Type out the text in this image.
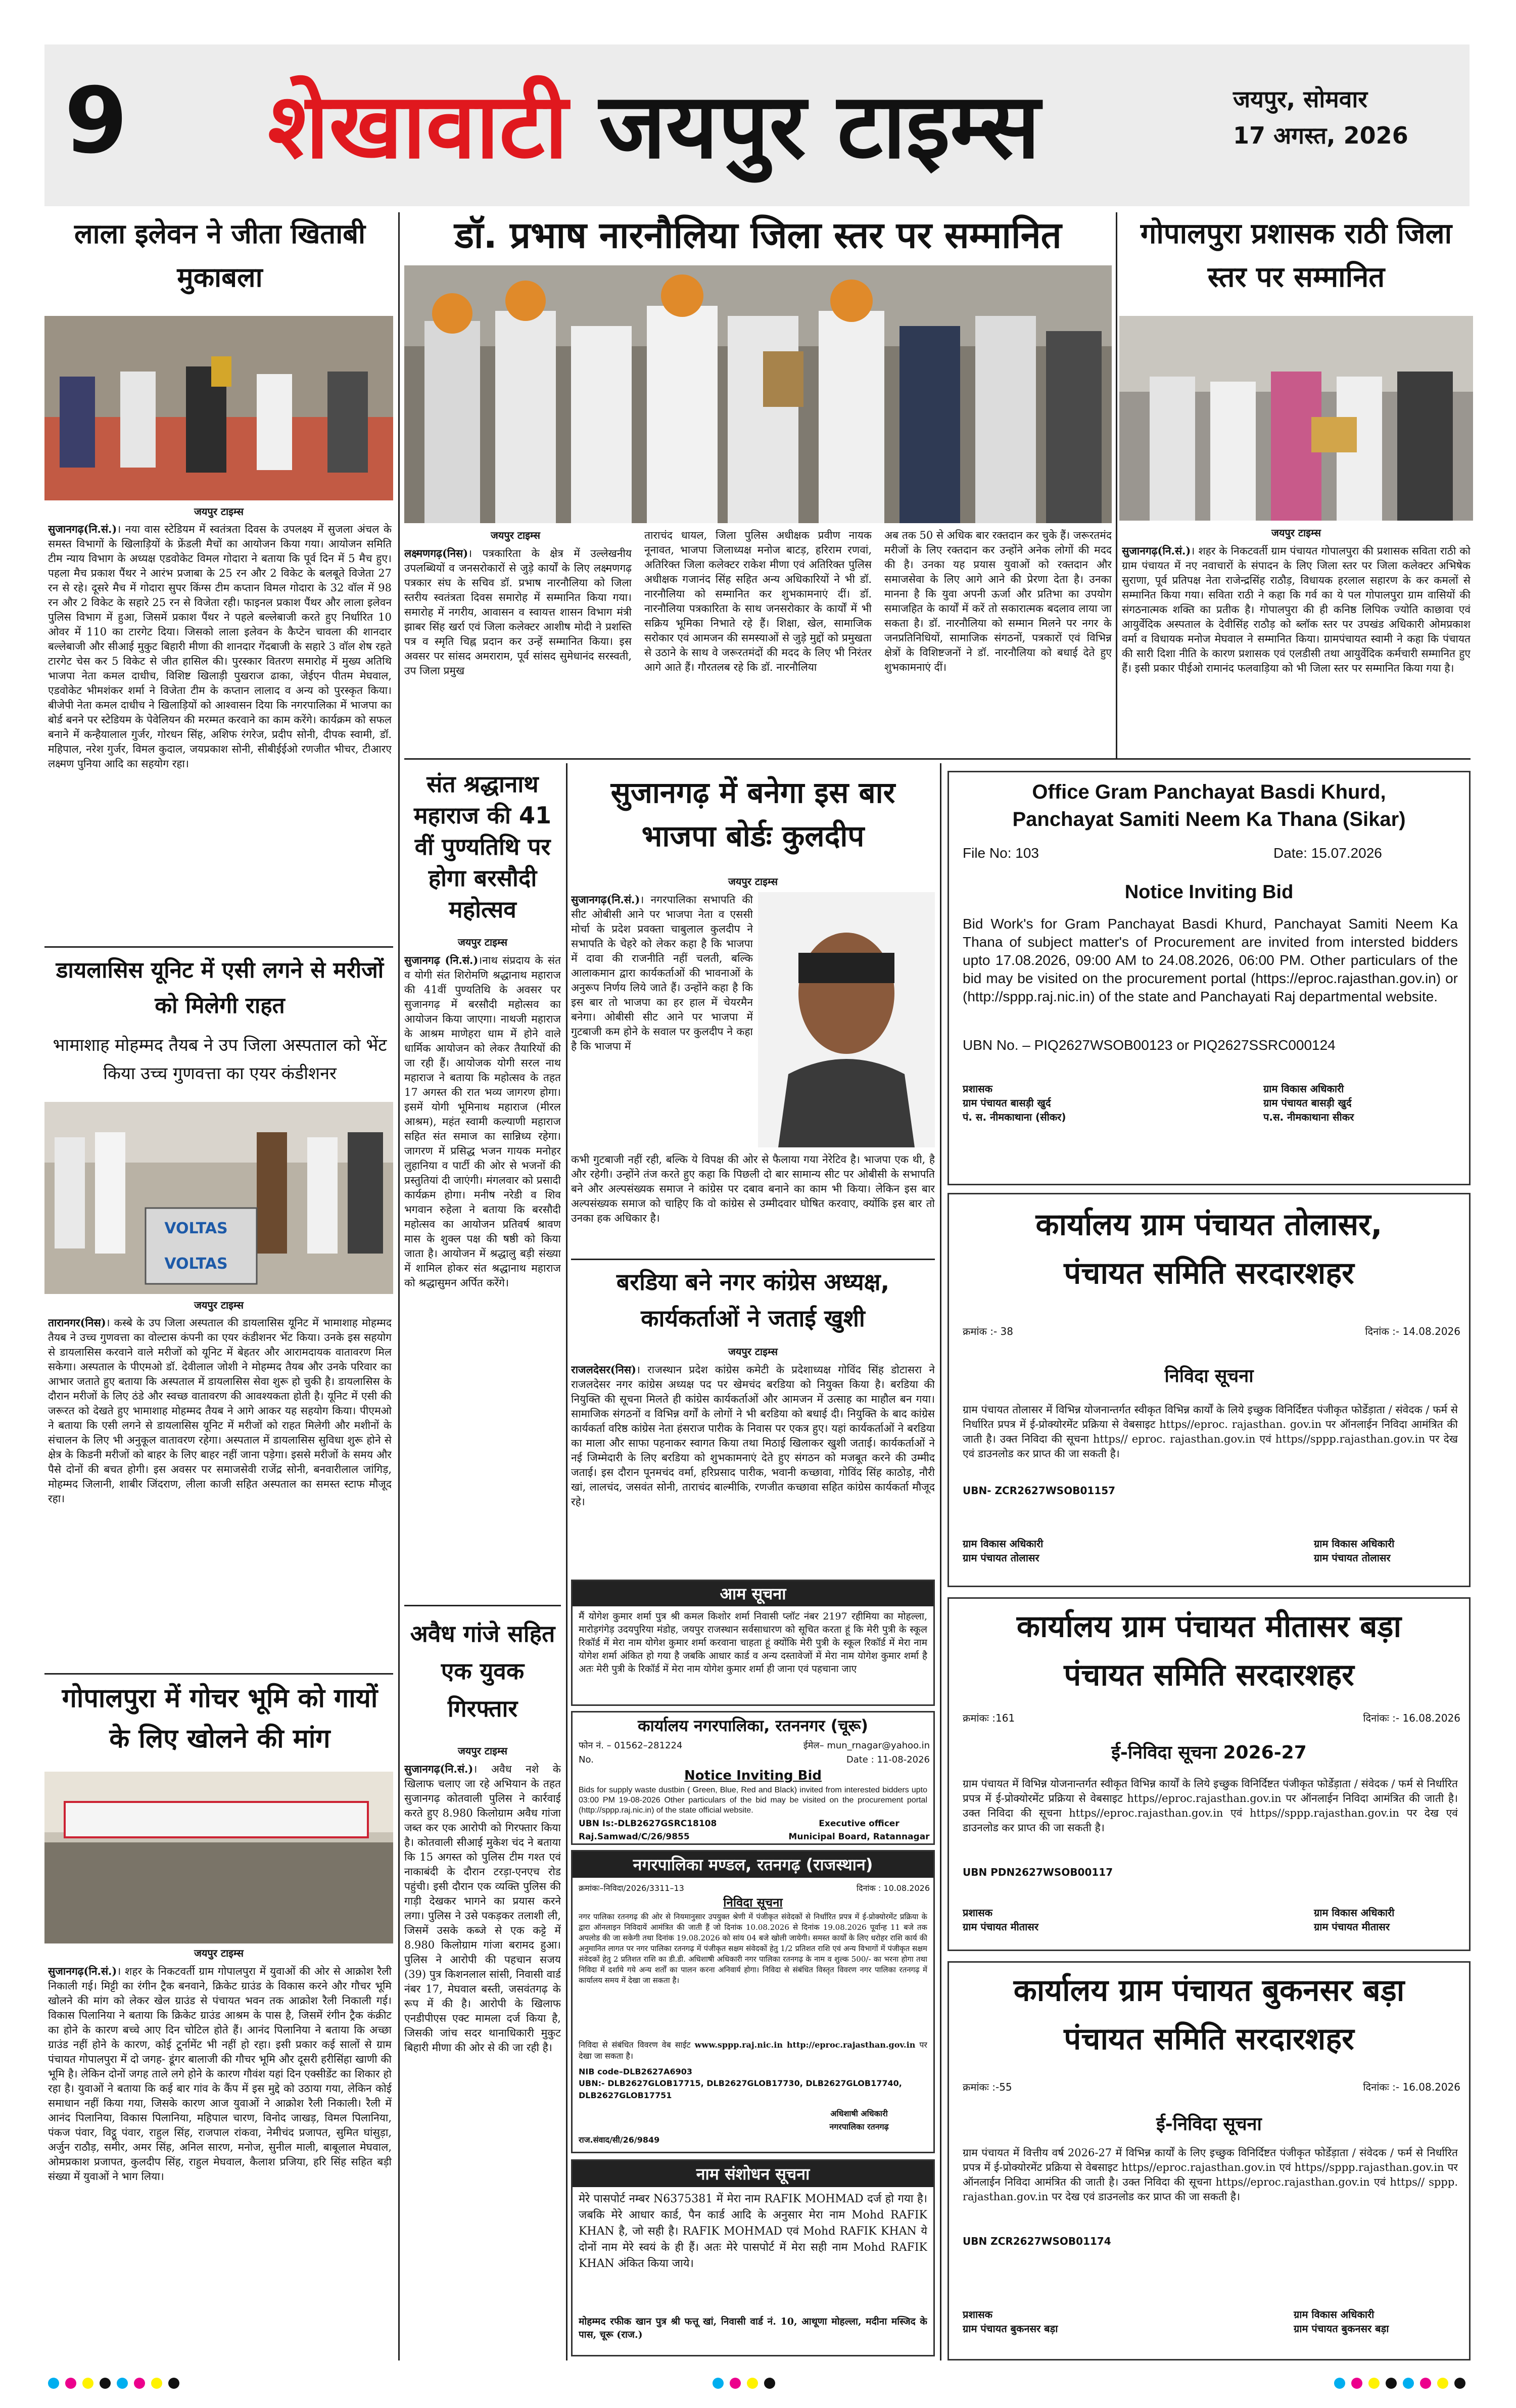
9 शेखावाटी जयपुर टाइम्स	जयपुर, सोमवार
17 अगस्त, 2026
लाला इलेवन ने जीता खिताबी मुकाबला
जयपुर टाइम्स
सुजानगढ़(नि.सं.)। नया वास स्टेडियम में स्वतंत्रता दिवस के उपलक्ष्य में सुजला अंचल के समस्त विभागों के खिलाड़ियों के फ्रेंडली मैचों का आयोजन किया गया। आयोजन समिति टीम न्याय विभाग के अध्यक्ष एडवोकेट विमल गोदारा ने बताया कि पूर्व दिन में 5 मैच हुए। पहला मैच प्रकाश पैंथर ने आरंभ प्रजाबा के 25 रन और 2 विकेट के बलबूते विजेता 27 रन से रहे। दूसरे मैच में गोदारा सुपर किंग्स टीम कप्तान विमल गोदारा के 32 वॉल में 98 रन और 2 विकेट के सहारे 25 रन से विजेता रही। फाइनल प्रकाश पैंथर और लाला इलेवन पुलिस विभाग में हुआ, जिसमें प्रकाश पैंथर ने पहले बल्लेबाजी करते हुए निर्धारित 10 ओवर में 110 का टारगेट दिया। जिसको लाला इलेवन के कैप्टेन चावला की शानदार बल्लेबाजी और सीआई मुकुट बिहारी मीणा की शानदार गेंदबाजी के सहारे 3 वॉल शेष रहते टारगेट चेस कर 5 विकेट से जीत हासिल की। पुरस्कार वितरण समारोह में मुख्य अतिथि भाजपा नेता कमल दाधीच, विशिष्ट खिलाड़ी पुखराज ढाका, जेईएन पीतम मेघवाल, एडवोकेट भीमशंकर शर्मा ने विजेता टीम के कप्तान लालाद व अन्य को पुरस्कृत किया। बीजेपी नेता कमल दाधीच ने खिलाड़ियों को आश्वासन दिया कि नगरपालिका में भाजपा का बोर्ड बनने पर स्टेडियम के पेवेलियन की मरम्मत करवाने का काम करेंगे। कार्यक्रम को सफल बनाने में कन्हैयालाल गुर्जर, गोरधन सिंह, अशिफ रंगरेज, प्रदीप सोनी, दीपक स्वामी, डॉ. महिपाल, नरेश गुर्जर, विमल कुदाल, जयप्रकाश सोनी, सीबीईईओ रणजीत भीचर, टीआरए लक्ष्मण पुनिया आदि का सहयोग रहा।
डायलासिस यूनिट में एसी लगने से मरीजों को मिलेगी राहत
भामाशाह मोहम्मद तैयब ने उप जिला अस्पताल को भेंट किया उच्च गुणवत्ता का एयर कंडीशनर
VOLTAS
VOLTAS
जयपुर टाइम्स
तारानगर(निस)। कस्बे के उप जिला अस्पताल की डायलासिस यूनिट में भामाशाह मोहम्मद तैयब ने उच्च गुणवत्ता का वोल्टास कंपनी का एयर कंडीशनर भेंट किया। उनके इस सहयोग से डायलासिस करवाने वाले मरीजों को यूनिट में बेहतर और आरामदायक वातावरण मिल सकेगा। अस्पताल के पीएमओ डॉ. देवीलाल जोशी ने मोहम्मद तैयब और उनके परिवार का आभार जताते हुए बताया कि अस्पताल में डायलासिस सेवा शुरू हो चुकी है। डायलासिस के दौरान मरीजों के लिए ठंडे और स्वच्छ वातावरण की आवश्यकता होती है। यूनिट में एसी की जरूरत को देखते हुए भामाशाह मोहम्मद तैयब ने आगे आकर यह सहयोग किया। पीएमओ ने बताया कि एसी लगने से डायलासिस यूनिट में मरीजों को राहत मिलेगी और मशीनों के संचालन के लिए भी अनुकूल वातावरण रहेगा। अस्पताल में डायलासिस सुविधा शुरू होने से क्षेत्र के किडनी मरीजों को बाहर के लिए बाहर नहीं जाना पड़ेगा। इससे मरीजों के समय और पैसे दोनों की बचत होगी। इस अवसर पर समाजसेवी राजेंद्र सोनी, बनवारीलाल जांगिड़, मोहम्मद जिलानी, शाबीर जिंदराण, लीला काजी सहित अस्पताल का समस्त स्टाफ मौजूद रहा।
गोपालपुरा में गोचर भूमि को गायों के लिए खोलने की मांग
जयपुर टाइम्स
सुजानगढ़(नि.सं.)। शहर के निकटवर्ती ग्राम गोपालपुरा में युवाओं की ओर से आक्रोश रैली निकाली गई। मिट्टी का रंगीन ट्रैक बनवाने, क्रिकेट ग्राउंड के विकास करने और गौचर भूमि खोलने की मांग को लेकर खेल ग्राउंड से पंचायत भवन तक आक्रोश रैली निकाली गई। विकास पिलानिया ने बताया कि क्रिकेट ग्राउंड आश्रम के पास है, जिसमें रंगीन ट्रैक कंक्रीट का होने के कारण बच्चे आए दिन चोटिल होते हैं। आनंद पिलानिया ने बताया कि अच्छा ग्राउंड नहीं होने के कारण, कोई टूर्नामेंट भी नहीं हो रहा। इसी प्रकार कई सालों से ग्राम पंचायत गोपालपुरा में दो जगह- डूंगर बालाजी की गौचर भूमि और दूसरी हरीसिंहा खाणी की भूमि है। लेकिन दोनों जगह ताले लगे होने के कारण गौवंश यहां दिन एक्सीडेंट का शिकार हो रहा है। युवाओं ने बताया कि कई बार गांव के कैंप में इस मुद्दे को उठाया गया, लेकिन कोई समाधान नहीं किया गया, जिसके कारण आज युवाओं ने आक्रोश रैली निकाली। रैली में आनंद पिलानिया, विकास पिलानिया, महिपाल चारण, विनोद जाखड़, विमल पिलानिया, पंकज पंवार, विट्ठू पंवार, राहुल सिंह, राजपाल रांकवा, नेमीचंद प्रजापत, सुमित घांसुड़ा, अर्जुन राठौड़, समीर, अमर सिंह, अनिल सारण, मनोज, सुनील माली, बाबूलाल मेघवाल, ओमप्रकाश प्रजापत, कुलदीप सिंह, राहुल मेघवाल, कैलाश प्रजिया, हरि सिंह सहित बड़ी संख्या में युवाओं ने भाग लिया।
डॉ. प्रभाष नारनौलिया जिला स्तर पर सम्मानित
जयपुर टाइम्स
लक्ष्मणगढ़(निस)। पत्रकारिता के क्षेत्र में उल्लेखनीय उपलब्धियों व जनसरोकारों से जुड़े कार्यों के लिए लक्ष्मणगढ़ पत्रकार संघ के सचिव डॉ. प्रभाष नारनौलिया को जिला स्तरीय स्वतंत्रता दिवस समारोह में सम्मानित किया गया। समारोह में नगरीय, आवासन व स्वायत्त शासन विभाग मंत्री झाबर सिंह खर्रा एवं जिला कलेक्टर आशीष मोदी ने प्रशस्ति पत्र व स्मृति चिह्न प्रदान कर उन्हें सम्मानित किया। इस अवसर पर सांसद अमराराम, पूर्व सांसद सुमेधानंद सरस्वती, उप जिला प्रमुख
ताराचंद धायल, जिला पुलिस अधीक्षक प्रवीण नायक नूनावत, भाजपा जिलाध्यक्ष मनोज बाटड़, हरिराम रणवां, अतिरिक्त जिला कलेक्टर राकेश मीणा एवं अतिरिक्त पुलिस अधीक्षक गजानंद सिंह सहित अन्य अधिकारियों ने भी डॉ. नारनौलिया को सम्मानित कर शुभकामनाएं दीं। डॉ. नारनौलिया पत्रकारिता के साथ जनसरोकार के कार्यों में भी सक्रिय भूमिका निभाते रहे हैं। शिक्षा, खेल, सामाजिक सरोकार एवं आमजन की समस्याओं से जुड़े मुद्दों को प्रमुखता से उठाने के साथ वे जरूरतमंदों की मदद के लिए भी निरंतर आगे आते हैं। गौरतलब रहे कि डॉ. नारनौलिया
अब तक 50 से अधिक बार रक्तदान कर चुके हैं। जरूरतमंद मरीजों के लिए रक्तदान कर उन्होंने अनेक लोगों की मदद की है। उनका यह प्रयास युवाओं को रक्तदान और समाजसेवा के लिए आगे आने की प्रेरणा देता है। उनका मानना है कि युवा अपनी ऊर्जा और प्रतिभा का उपयोग समाजहित के कार्यों में करें तो सकारात्मक बदलाव लाया जा सकता है। डॉ. नारनौलिया को सम्मान मिलने पर नगर के जनप्रतिनिधियों, सामाजिक संगठनों, पत्रकारों एवं विभिन्न क्षेत्रों के विशिष्टजनों ने डॉ. नारनौलिया को बधाई देते हुए शुभकामनाएं दीं।
गोपालपुरा प्रशासक राठी जिला स्तर पर सम्मानित
जयपुर टाइम्स
सुजानगढ़(नि.सं.)। शहर के निकटवर्ती ग्राम पंचायत गोपालपुरा की प्रशासक सविता राठी को ग्राम पंचायत में नए नवाचारों के संपादन के लिए जिला स्तर पर जिला कलेक्टर अभिषेक सुराणा, पूर्व प्रतिपक्ष नेता राजेन्द्रसिंह राठौड़, विधायक हरलाल सहारण के कर कमलों से सम्मानित किया गया। सविता राठी ने कहा कि गर्व का ये पल गोपालपुरा ग्राम वासियों की संगठनात्मक शक्ति का प्रतीक है। गोपालपुरा की ही कनिष्ठ लिपिक ज्योति काछावा एवं आयुर्वेदिक अस्पताल के देवीसिंह राठौड़ को ब्लॉक स्तर पर उपखंड अधिकारी ओमप्रकाश वर्मा व विधायक मनोज मेघवाल ने सम्मानित किया। ग्रामपंचायत स्वामी ने कहा कि पंचायत की सारी दिशा नीति के कारण प्रशासक एवं एलडीसी तथा आयुर्वेदिक कर्मचारी सम्मानित हुए हैं। इसी प्रकार पीईओ रामानंद फलवाड़िया को भी जिला स्तर पर सम्मानित किया गया है।
संत श्रद्धानाथ महाराज की 41 वीं पुण्यतिथि पर होगा बरसौदी महोत्सव
जयपुर टाइम्स
सुजानगढ़ (नि.सं.)।नाथ संप्रदाय के संत व योगी संत शिरोमणि श्रद्धानाथ महाराज की 41वीं पुण्यतिथि के अवसर पर सुजानगढ़ में बरसौदी महोत्सव का आयोजन किया जाएगा। नाथजी महाराज के आश्रम माणेहरा धाम में होने वाले धार्मिक आयोजन को लेकर तैयारियों की जा रही हैं। आयोजक योगी सरल नाथ महाराज ने बताया कि महोत्सव के तहत 17 अगस्त की रात भव्य जागरण होगा। इसमें योगी भूमिनाथ महाराज (मीरल आश्रम), महंत स्वामी कल्याणी महाराज सहित संत समाज का सान्निध्य रहेगा। जागरण में प्रसिद्ध भजन गायक मनोहर लुहानिया व पार्टी की ओर से भजनों की प्रस्तुतियां दी जाएंगी। मंगलवार को प्रसादी कार्यक्रम होगा। मनीष नरेडी व शिव भगवान रुहेला ने बताया कि बरसौदी महोत्सव का आयोजन प्रतिवर्ष श्रावण मास के शुक्ल पक्ष की षष्ठी को किया जाता है। आयोजन में श्रद्धालु बड़ी संख्या में शामिल होकर संत श्रद्धानाथ महाराज को श्रद्धासुमन अर्पित करेंगे।
अवैध गांजे सहित एक युवक गिरफ्तार
जयपुर टाइम्स
सुजानगढ़(नि.सं.)। अवैध नशे के खिलाफ चलाए जा रहे अभियान के तहत सुजानगढ़ कोतवाली पुलिस ने कार्रवाई करते हुए 8.980 किलोग्राम अवैध गांजा जब्त कर एक आरोपी को गिरफ्तार किया है। कोतवाली सीआई मुकेश चंद ने बताया कि 15 अगस्त को पुलिस टीम गश्त एवं नाकाबंदी के दौरान टरड़ा-एनएच रोड पहुंची। इसी दौरान एक व्यक्ति पुलिस की गाड़ी देखकर भागने का प्रयास करने लगा। पुलिस ने उसे पकड़कर तलाशी ली, जिसमें उसके कब्जे से एक कट्टे में 8.980 किलोग्राम गांजा बरामद हुआ। पुलिस ने आरोपी की पहचान सजय (39) पुत्र किशनलाल सांसी, निवासी वार्ड नंबर 17, मेघवाल बस्ती, जसवंतगढ़ के रूप में की है। आरोपी के खिलाफ एनडीपीएस एक्ट मामला दर्ज किया है, जिसकी जांच सदर थानाधिकारी मुकुट बिहारी मीणा की ओर से की जा रही है।
सुजानगढ़ में बनेगा इस बार भाजपा बोर्डः कुलदीप
जयपुर टाइम्स
सुजानगढ़(नि.सं.)। नगरपालिका सभापति की सीट ओबीसी आने पर भाजपा नेता व एससी मोर्चा के प्रदेश प्रवक्ता चाबुलाल कुलदीप ने सभापति के चेहरे को लेकर कहा है कि भाजपा में दावा की राजनीति नहीं चलती, बल्कि आलाकमान द्वारा कार्यकर्ताओं की भावनाओं के अनुरूप निर्णय लिये जाते हैं। उन्होंने कहा है कि इस बार तो भाजपा का हर हाल में चेयरमैन बनेगा। ओबीसी सीट आने पर भाजपा में गुटबाजी कम होने के सवाल पर कुलदीप ने कहा है कि भाजपा में
कभी गुटबाजी नहीं रही, बल्कि ये विपक्ष की ओर से फैलाया गया नेरेटिव है। भाजपा एक थी, है और रहेगी। उन्होंने तंज करते हुए कहा कि पिछली दो बार सामान्य सीट पर ओबीसी के सभापति बने और अल्पसंख्यक समाज ने कांग्रेस पर दबाव बनाने का काम भी किया। लेकिन इस बार अल्पसंख्यक समाज को चाहिए कि वो कांग्रेस से उम्मीदवार घोषित करवाए, क्योंकि इस बार तो उनका हक अधिकार है।
बरडिया बने नगर कांग्रेस अध्यक्ष, कार्यकर्ताओं ने जताई खुशी
जयपुर टाइम्स
राजलदेसर(निस)। राजस्थान प्रदेश कांग्रेस कमेटी के प्रदेशाध्यक्ष गोविंद सिंह डोटासरा ने राजलदेसर नगर कांग्रेस अध्यक्ष पद पर खेमचंद बरडिया को नियुक्त किया है। बरडिया की नियुक्ति की सूचना मिलते ही कांग्रेस कार्यकर्ताओं और आमजन में उत्साह का माहौल बन गया। सामाजिक संगठनों व विभिन्न वर्गों के लोगों ने भी बरडिया को बधाई दी। नियुक्ति के बाद कांग्रेस कार्यकर्ता वरिष्ठ कांग्रेस नेता हंसराज पारीक के निवास पर एकत्र हुए। यहां कार्यकर्ताओं ने बरडिया का माला और साफा पहनाकर स्वागत किया तथा मिठाई खिलाकर खुशी जताई। कार्यकर्ताओं ने नई जिम्मेदारी के लिए बरडिया को शुभकामनाएं देते हुए संगठन को मजबूत करने की उम्मीद जताई। इस दौरान पूनमचंद वर्मा, हरिप्रसाद पारीक, भवानी कच्छावा, गोविंद सिंह काठोड़, नौरी खां, लालचंद, जसवंत सोनी, ताराचंद बाल्मीकि, रणजीत कच्छावा सहित कांग्रेस कार्यकर्ता मौजूद रहे।
आम सूचना
मैं योगेश कुमार शर्मा पुत्र श्री कमल किशोर शर्मा निवासी प्लॉट नंबर 2197 रहीमिया का मोहल्ला, मारोड़गंगेड़ उदयपुरिया मंडोह, जयपुर राजस्थान सर्वसाधारण को सूचित करता हूं कि मेरी पुत्री के स्कूल रिकॉर्ड में मेरा नाम योगेश कुमार शर्मा करवाना चाहता हूं क्योंकि मेरी पुत्री के स्कूल रिकॉर्ड में मेरा नाम योगेश शर्मा अंकित हो गया है जबकि आधार कार्ड व अन्य दस्तावेजों में मेरा नाम योगेश कुमार शर्मा है अतः मेरी पुत्री के रिकॉर्ड में मेरा नाम योगेश कुमार शर्मा ही जाना एवं पहचाना जाए
कार्यालय नगरपालिका, रतननगर (चूरू)
फोन नं. – 01562–281224	ईमेल– mun_rnagar@yahoo.in
No.	Date : 11-08-2026
Notice Inviting Bid
Bids for supply waste dustbin ( Green, Blue, Red and Black) invited from interested bidders upto 03:00 PM 19-08-2026 Other particulars of the bid may be visited on the procurement portal (http://sppp.raj.nic.in) of the state official website.
UBN Is:-DLB2627GSRC18108
Raj.Samwad/C/26/9855
Executive officer
Municipal Board, Ratannagar
नगरपालिका मण्डल, रतनगढ़ (राजस्थान)
क्रमांकः–निविदा/2026/3311–13	दिनांक : 10.08.2026
निविदा सूचना
नगर पालिका रतनगढ़ की ओर से नियमानुसार उपयुक्त श्रेणी में पंजीकृत संवेदकों से निर्धारित प्रपत्र में ई-प्रोक्योरमेंट प्रक्रिया के द्वारा ऑनलाइन निविदायें आमंत्रित की जाती हैं जो दिनांक 10.08.2026 से दिनांक 19.08.2026 पूर्वान्ह 11 बजे तक अपलोड की जा सकेगी तथा दिनांक 19.08.2026 को सांय 04 बजे खोली जायेगी। समस्त कार्यों के लिए धरोहर राशि कार्य की अनुमानित लागत पर नगर पालिका रतनगढ़ में पंजीकृत सक्षम संवेदकों हेतु 1/2 प्रतिशत राशि एवं अन्य विभागों में पंजीकृत सक्षम संवेदकों हेतु 2 प्रतिशत राशि का डी.डी. अधिशाषी अधिकारी नगर पालिका रतनगढ़ के नाम व शुल्क 500/- का भरना होगा तथा निविदा में दर्शाये गये अन्य शर्तों का पालन करना अनिवार्य होगा। निविदा से संबंधित विस्तृत विवरण नगर पालिका रतनगढ़ में कार्यालय समय में देखा जा सकता है।
निविदा से संबंधित विवरण वेब साईट www.sppp.raj.nic.in http://eproc.rajasthan.gov.in पर देखा जा सकता है।
NIB code–DLB2627A6903
UBN:- DLB2627GLOB17715, DLB2627GLOB17730, DLB2627GLOB17740, DLB2627GLOB17751
अधिशाषी अधिकारी
नगरपालिका रतनगढ़
राज.संवाद/सी/26/9849
नाम संशोधन सूचना
मेरे पासपोर्ट नम्बर N6375381 में मेरा नाम RAFIK MOHMAD दर्ज हो गया है। जबकि मेरे आधार कार्ड, पैन कार्ड आदि के अनुसार मेरा नाम Mohd RAFIK KHAN है, जो सही है। RAFIK MOHMAD एवं Mohd RAFIK KHAN ये दोनों नाम मेरे स्वयं के ही हैं। अतः मेरे पासपोर्ट में मेरा सही नाम Mohd RAFIK KHAN अंकित किया जाये।
मोहम्मद रफीक खान पुत्र श्री फत्तू खां, निवासी वार्ड नं. 10, आथूणा मोहल्ला, मदीना मस्जिद के पास, चूरू (राज.)
Office Gram Panchayat Basdi Khurd,
Panchayat Samiti Neem Ka Thana (Sikar)
File No: 103	Date: 15.07.2026
Notice Inviting Bid
Bid Work's for Gram Panchayat Basdi Khurd, Panchayat Samiti Neem Ka Thana of subject matter's of Procurement are invited from intersted bidders upto 17.08.2026, 09:00 AM to 24.08.2026, 06:00 PM. Other particulars of the bid may be visited on the procurement portal (https://eproc.rajasthan.gov.in) or (http://sppp.raj.nic.in) of the state and Panchayati Raj departmental website.
UBN No. – PIQ2627WSOB00123 or PIQ2627SSRC000124
प्रशासक
ग्राम पंचायत बासड़ी खुर्द
पं. स. नीमकाथाना (सीकर)
ग्राम विकास अधिकारी
ग्राम पंचायत बासड़ी खुर्द
प.स. नीमकाथाना सीकर
कार्यालय ग्राम पंचायत तोलासर,
पंचायत समिति सरदारशहर
क्रमांक :- 38	दिनांक :- 14.08.2026
निविदा सूचना
ग्राम पंचायत तोलासर में विभिन्न योजनान्तर्गत स्वीकृत विभिन्न कार्यों के लिये इच्छुक विनिर्दिष्टत पंजीकृत फोर्डेड़ाता / संवेदक / फर्म से निर्धारित प्रपत्र में ई-प्रोक्योरमेंट प्रक्रिया से वेबसाइट https//eproc. rajasthan. gov.in पर ऑनलाईन निविदा आमंत्रित की जाती है। उक्त निविदा की सूचना https// eproc. rajasthan.gov.in एवं https//sppp.rajasthan.gov.in पर देख एवं डाउनलोड कर प्राप्त की जा सकती है।
UBN- ZCR2627WSOB01157
ग्राम विकास अधिकारी
ग्राम पंचायत तोलासर
ग्राम विकास अधिकारी
ग्राम पंचायत तोलासर
कार्यालय ग्राम पंचायत मीतासर बड़ा
पंचायत समिति सरदारशहर
क्रमांकः :161	दिनांकः :- 16.08.2026
ई-निविदा सूचना 2026-27
ग्राम पंचायत में विभिन्न योजनान्तर्गत स्वीकृत विभिन्न कार्यों के लिये इच्छुक विनिर्दिष्टत पंजीकृत फोर्डेड़ाता / संवेदक / फर्म से निर्धारित प्रपत्र में ई-प्रोक्योरमेंट प्रक्रिया से वेबसाइट https//eproc.rajasthan.gov.in पर ऑनलाईन निविदा आमंत्रित की जाती है। उक्त निविदा की सूचना https//eproc.rajasthan.gov.in एवं https//sppp.rajasthan.gov.in पर देख एवं डाउनलोड कर प्राप्त की जा सकती है।
UBN PDN2627WSOB00117
प्रशासक
ग्राम पंचायत मीतासर
ग्राम विकास अधिकारी
ग्राम पंचायत मीतासर
कार्यालय ग्राम पंचायत बुकनसर बड़ा
पंचायत समिति सरदारशहर
क्रमांकः :-55	दिनांकः :- 16.08.2026
ई-निविदा सूचना
ग्राम पंचायत में वित्तीय वर्ष 2026-27 में विभिन्न कार्यों के लिए इच्छुक विनिर्दिष्टत पंजीकृत फोर्डेड़ाता / संवेदक / फर्म से निर्धारित प्रपत्र में ई-प्रोक्योरमेंट प्रक्रिया से वेबसाइट https//eproc.rajasthan.gov.in एवं https//sppp.rajasthan.gov.in पर ऑनलाईन निविदा आमंत्रित की जाती है। उक्त निविदा की सूचना https//eproc.rajasthan.gov.in एवं https// sppp. rajasthan.gov.in पर देख एवं डाउनलोड कर प्राप्त की जा सकती है।
UBN ZCR2627WSOB01174
प्रशासक
ग्राम पंचायत बुकनसर बड़ा
ग्राम विकास अधिकारी
ग्राम पंचायत बुकनसर बड़ा
